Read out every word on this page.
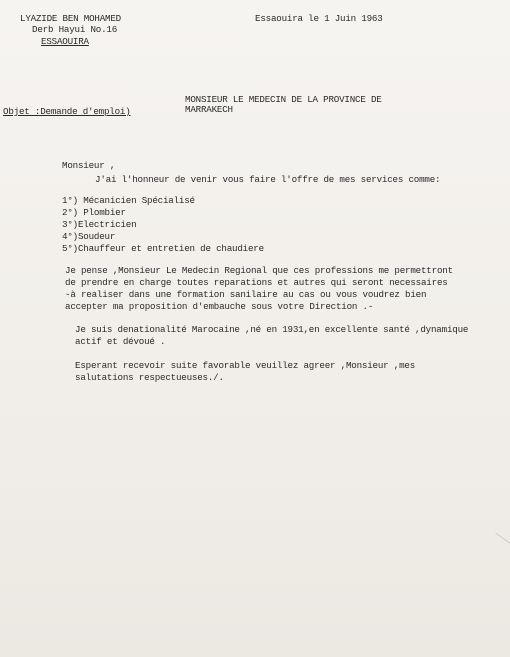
LYAZIDE BEN MOHAMED
Derb Hayui No.16
ESSAOUIRA
Essaouira le 1 Juin 1963
MONSIEUR LE MEDECIN DE LA PROVINCE DE
MARRAKECH
Objet :Demande d'emploi)
Monsieur ,
J'ai l'honneur de venir vous faire l'offre de mes services comme:
1°) Mécanicien Spécialisé
2°) Plombier
3°)Electricien
4°)Soudeur
5°)Chauffeur et entretien de chaudiere
Je pense ,Monsieur Le Medecin Regional que ces professions me permettront
de prendre en charge toutes reparations et autres qui seront necessaires
-à realiser dans une formation sanilaire au cas ou vous voudrez bien
accepter ma proposition d'embauche sous votre Direction .-
Je suis denationalité Marocaine ,né en 1931,en excellente santé ,dynamique
actif et dévoué .
Esperant recevoir suite favorable veuillez agreer ,Monsieur ,mes
salutations respectueuses./.
